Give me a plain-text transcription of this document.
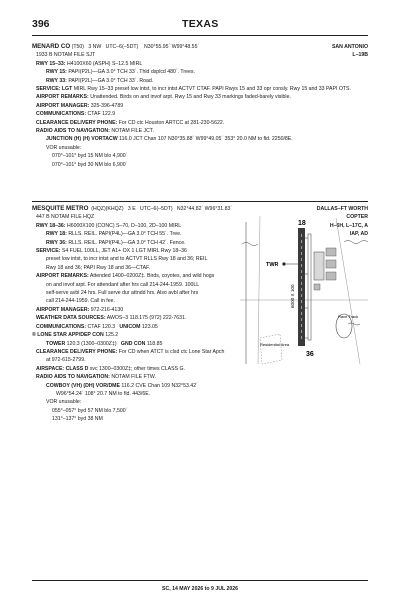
396	TEXAS
MENARD CO (T50) 3 NW UTC–6(–5DT) N30°55.95´ W99°48.55´	SAN ANTONIO
1933 B NOTAM FILE SJT	L–19B
RWY 15–33: H4100X60 (ASPH) S–12.5 MIRL
RWY 15: PAPI(P2L)—GA 3.0° TCH 33´. Thld dsplcd 480´. Trees.
RWY 33: PAPI(P2L)—GA 3.0° TCH 33´. Road.
SERVICE: LGT MIRL Rwy 15–33 preset low intst, to incr intst ACTVT CTAF. PAPI Rwys 15 and 33 opr consly. Rwy 15 and 33 PAPI OTS.
AIRPORT REMARKS: Unattended. Birds on and invof arpt. Rwy 15 and Rwy 33 markings faded-barely visible.
AIRPORT MANAGER: 325-396-4789
COMMUNICATIONS: CTAF 122.9
CLEARANCE DELIVERY PHONE: For CD ctc Houston ARTCC at 281-230-5622.
RADIO AIDS TO NAVIGATION: NOTAM FILE JCT.
JUNCTION (H) (H) VORTACW 116.0 JCT Chan 107 N30°35.88´ W99°49.05´ 353° 20.0 NM to fld. 2250/8E.
VOR unusable:
070°–101° byd 15 NM blo 4,900´
070°–101° byd 30 NM blo 6,900´
MESQUITE METRO (HQZ)(KHQZ) 3 E UTC–6(–5DT) N32°44.82´ W96°31.83´	DALLAS–FT WORTH
447 B NOTAM FILE HQZ	COPTER
RWY 18–36: H6000X100 (CONC) S–70, D–100, 2D–100 MIRL	H–6H, L–17C, A
RWY 18: RLLS. REIL. PAPI(P4L)—GA 3.0° TCH 55´. Tree.	IAP, AD
RWY 36: RLLS. REIL. PAPI(P4L)—GA 3.0° TCH 42´. Fence.
SERVICE: S4 FUEL 100LL, JET A1+ OX 1 LGT MIRL Rwy 18–36
preset low intst, to incr intst and to ACTVT RLLS Rwy 18 and 36; REIL
Rwy 18 and 36; PAPI Rwy 18 and 36—CTAF.
AIRPORT REMARKS: Attended 1400–0200Z‡. Birds, coyotes, and wild hogs
on and invof arpt. For attendant after hrs call 214-244-1959. 100LL
self-serve avbl 24 hrs. Full serve dur attndd hrs. Also avbl after hrs
call 214-244-1959. Call in fee.
AIRPORT MANAGER: 972-216-4130
WEATHER DATA SOURCES: AWOS–3 118.175 (972) 222-7631.
COMMUNICATIONS: CTAF 120.3 UNICOM 123.05
® LONE STAR APP/DEP CON 125.2
TOWER 120.3 (1300–0300Z‡) GND CON 118.85
CLEARANCE DELIVERY PHONE: For CD when ATCT is clsd ctc Lone Star Apch
at 972-615-2799.
AIRSPACE: CLASS D svc 1300–0300Z‡; other times CLASS G.
RADIO AIDS TO NAVIGATION: NOTAM FILE FTW.
COWBOY (VH) (DH) VOR/DME 116.2 CVE Chan 109 N32°53.42´
W96°54.24´ 108° 20.7 NM to fld. 443/6E.
VOR unusable:
055°–057° byd 57 NM blo 7,500´
131°–137° byd 38 NM
18
36
TWR
6000 X 100
Residential Area
Race Track
SC, 14 MAY 2026 to 9 JUL 2026
